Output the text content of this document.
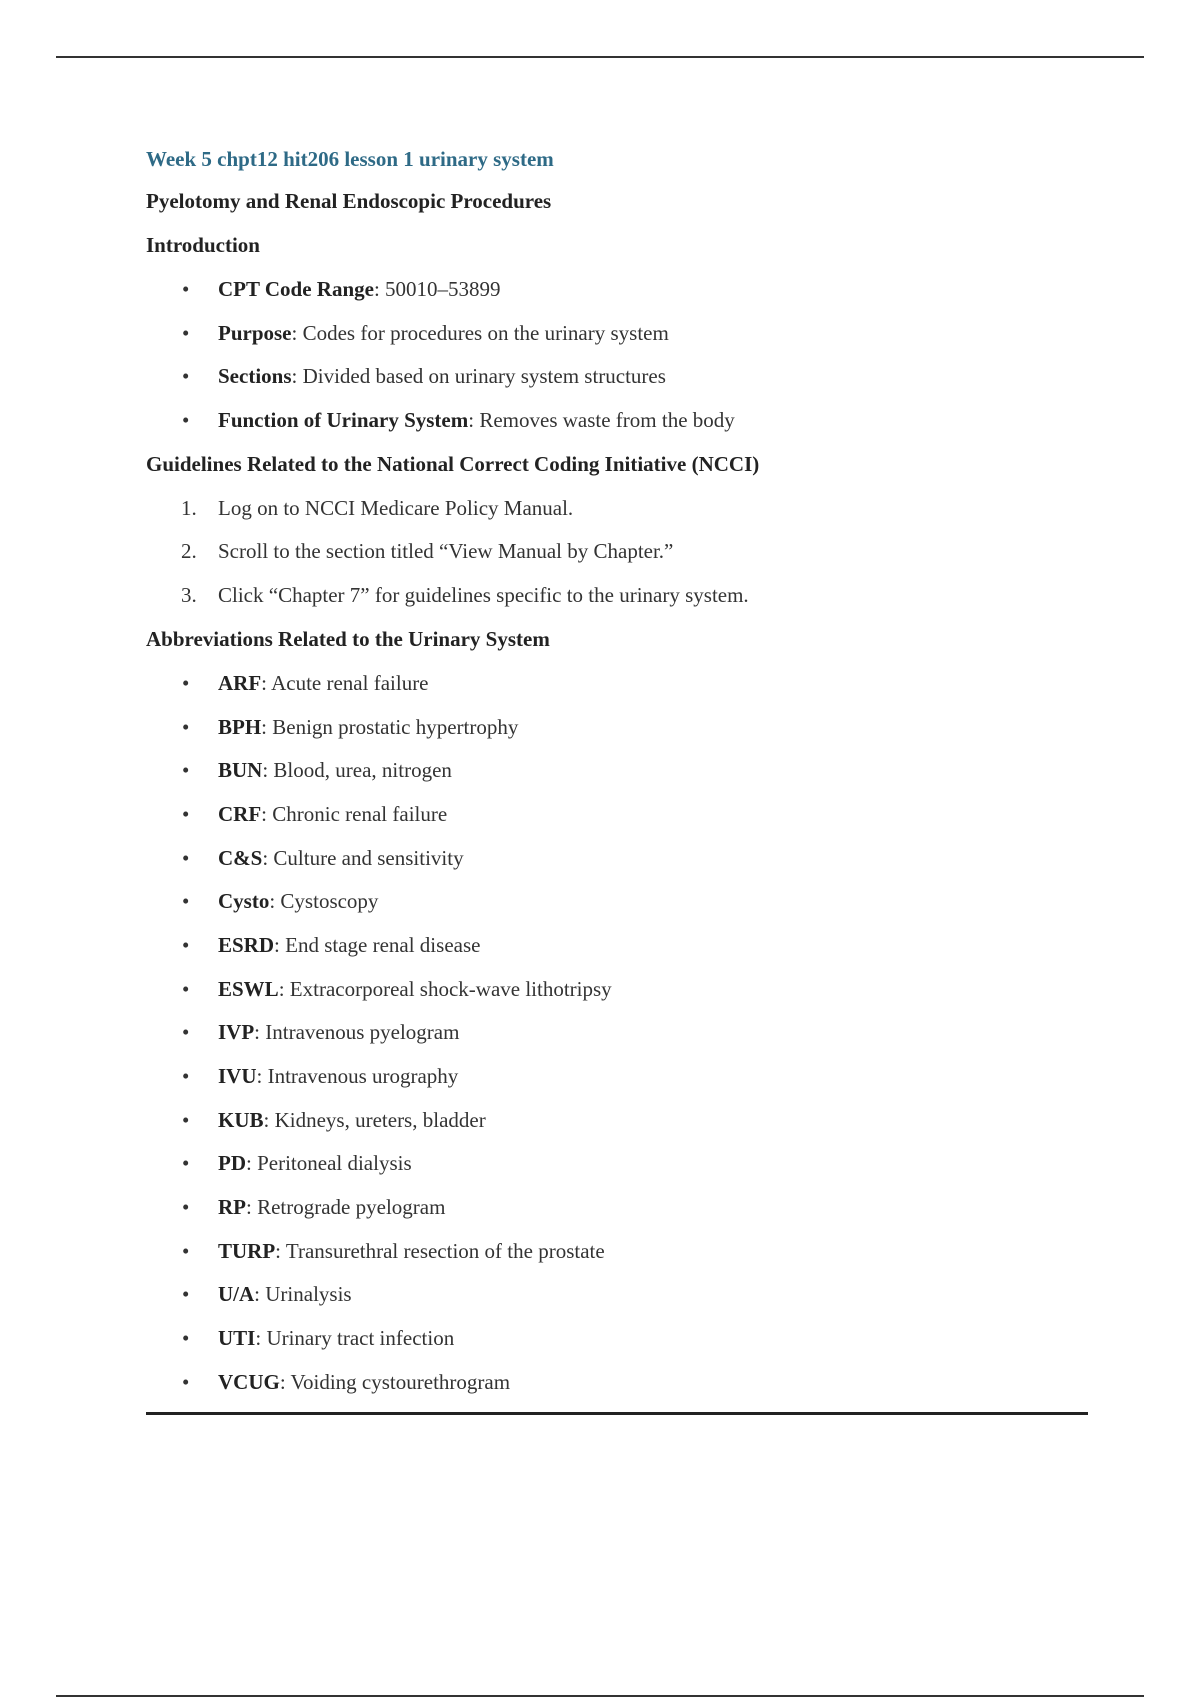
Week 5 chpt12 hit206 lesson 1 urinary system
Pyelotomy and Renal Endoscopic Procedures
Introduction
•	CPT Code Range: 50010–53899
•	Purpose: Codes for procedures on the urinary system
•	Sections: Divided based on urinary system structures
•	Function of Urinary System: Removes waste from the body
Guidelines Related to the National Correct Coding Initiative (NCCI)
1.	Log on to NCCI Medicare Policy Manual.
2.	Scroll to the section titled “View Manual by Chapter.”
3.	Click “Chapter 7” for guidelines specific to the urinary system.
Abbreviations Related to the Urinary System
•	ARF: Acute renal failure
•	BPH: Benign prostatic hypertrophy
•	BUN: Blood, urea, nitrogen
•	CRF: Chronic renal failure
•	C&S: Culture and sensitivity
•	Cysto: Cystoscopy
•	ESRD: End stage renal disease
•	ESWL: Extracorporeal shock-wave lithotripsy
•	IVP: Intravenous pyelogram
•	IVU: Intravenous urography
•	KUB: Kidneys, ureters, bladder
•	PD: Peritoneal dialysis
•	RP: Retrograde pyelogram
•	TURP: Transurethral resection of the prostate
•	U/A: Urinalysis
•	UTI: Urinary tract infection
•	VCUG: Voiding cystourethrogram
